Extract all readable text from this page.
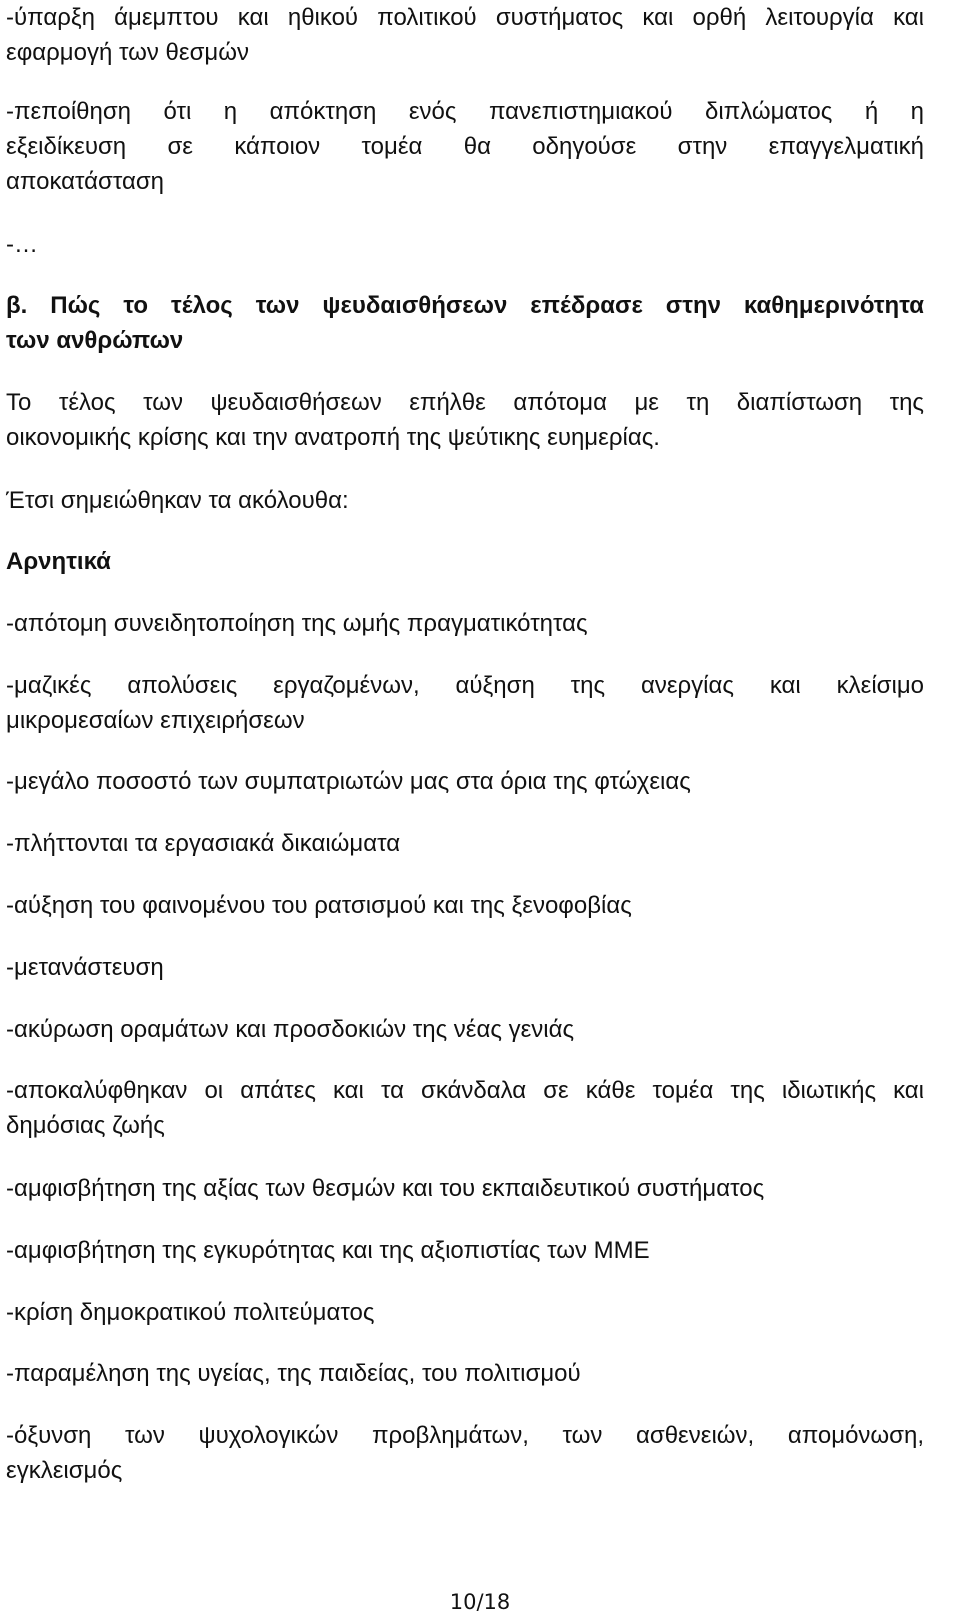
-ύπαρξη άμεμπτου και ηθικού πολιτικού συστήματος και ορθή λειτουργία και
εφαρμογή των θεσμών

-πεποίθηση ότι η απόκτηση ενός πανεπιστημιακού διπλώματος ή η
εξειδίκευση σε κάποιον τομέα θα οδηγούσε στην επαγγελματική
αποκατάσταση

-…

β. Πώς το τέλος των ψευδαισθήσεων επέδρασε στην καθημερινότητα
των ανθρώπων

Το τέλος των ψευδαισθήσεων επήλθε απότομα με τη διαπίστωση της
οικονομικής κρίσης και την ανατροπή της ψεύτικης ευημερίας.

Έτσι σημειώθηκαν τα ακόλουθα:

Αρνητικά

-απότομη συνειδητοποίηση της ωμής πραγματικότητας

-μαζικές απολύσεις εργαζομένων, αύξηση της ανεργίας και κλείσιμο
μικρομεσαίων επιχειρήσεων

-μεγάλο ποσοστό των συμπατριωτών μας στα όρια της φτώχειας

-πλήττονται τα εργασιακά δικαιώματα

-αύξηση του φαινομένου του ρατσισμού και της ξενοφοβίας

-μετανάστευση

-ακύρωση οραμάτων και προσδοκιών της νέας γενιάς

-αποκαλύφθηκαν οι απάτες και τα σκάνδαλα σε κάθε τομέα της ιδιωτικής και
δημόσιας ζωής

-αμφισβήτηση της αξίας των θεσμών και του εκπαιδευτικού συστήματος

-αμφισβήτηση της εγκυρότητας και της αξιοπιστίας των ΜΜΕ

-κρίση δημοκρατικού πολιτεύματος

-παραμέληση της υγείας, της παιδείας, του πολιτισμού

-όξυνση των ψυχολογικών προβλημάτων, των ασθενειών, απομόνωση,
εγκλεισμός

10/18
